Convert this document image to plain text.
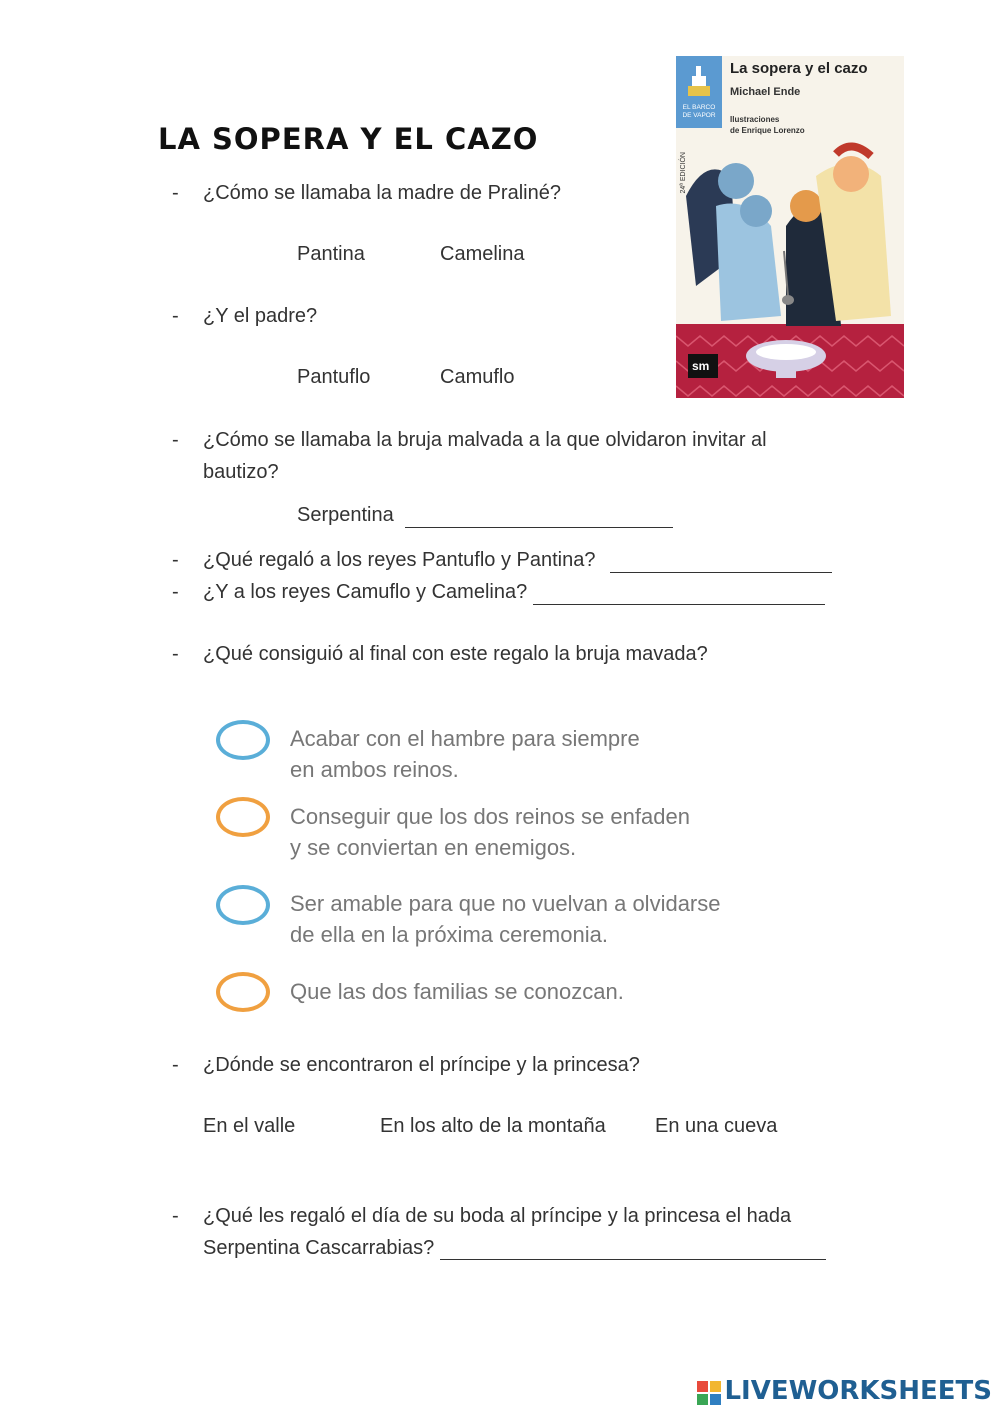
LA SOPERA Y EL CAZO
EL BARCO
DE VAPOR
24ª EDICIÓN
La sopera y el cazo
Michael Ende
Ilustraciones
de Enrique Lorenzo
sm
- ¿Cómo se llamaba la madre de Praliné?
Pantina	Camelina
- ¿Y el padre?
Pantuflo	Camuflo
- ¿Cómo se llamaba la bruja malvada a la que olvidaron invitar al
bautizo?
Serpentina
- ¿Qué regaló a los reyes Pantuflo y Pantina?
- ¿Y a los reyes Camuflo y Camelina?
- ¿Qué consiguió al final con este regalo la bruja mavada?
Acabar con el hambre para siempre
en ambos reinos.
Conseguir que los dos reinos se enfaden
y se conviertan en enemigos.
Ser amable para que no vuelvan a olvidarse
de ella en la próxima ceremonia.
Que las dos familias se conozcan.
- ¿Dónde se encontraron el príncipe y la princesa?
En el valle	En los alto de la montaña En una cueva
- ¿Qué les regaló el día de su boda al príncipe y la princesa el hada
Serpentina Cascarrabias?
LIVEWORKSHEETS
